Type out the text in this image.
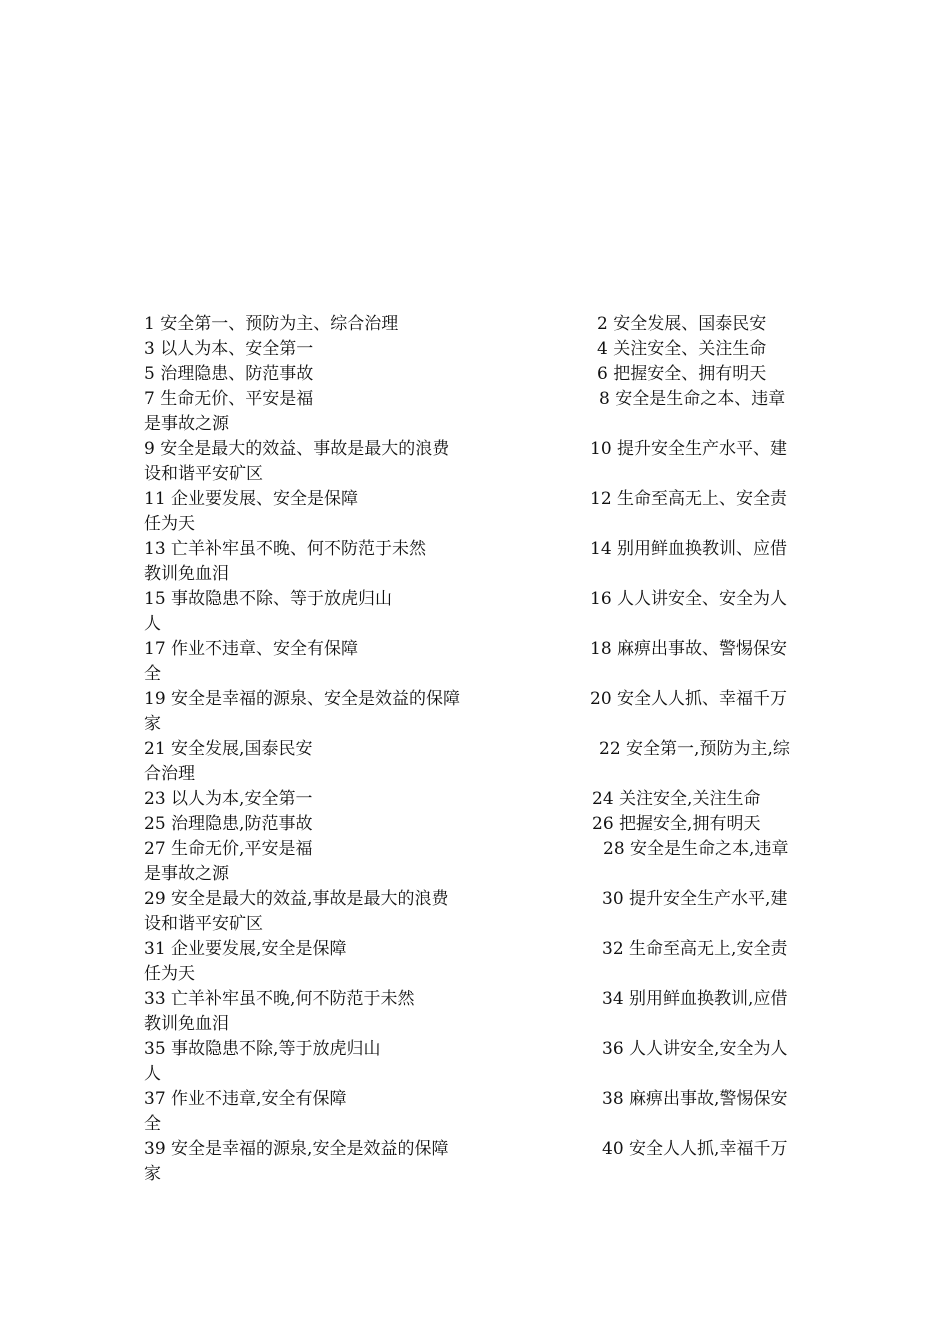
1 安全第一、预防为主、综合治理	2 安全发展、国泰民安
3 以人为本、安全第一	4 关注安全、关注生命
5 治理隐患、防范事故	6 把握安全、拥有明天
7 生命无价、平安是福	8 安全是生命之本、违章
是事故之源
9 安全是最大的效益、事故是最大的浪费	10 提升安全生产水平、建
设和谐平安矿区
11 企业要发展、安全是保障	12 生命至高无上、安全责
任为天
13 亡羊补牢虽不晚、何不防范于未然	14 别用鲜血换教训、应借
教训免血泪
15 事故隐患不除、等于放虎归山	16 人人讲安全、安全为人
人
17 作业不违章、安全有保障	18 麻痹出事故、警惕保安
全
19 安全是幸福的源泉、安全是效益的保障	20 安全人人抓、幸福千万
家
21 安全发展,国泰民安	22 安全第一,预防为主,综
合治理
23 以人为本,安全第一	24 关注安全,关注生命
25 治理隐患,防范事故	26 把握安全,拥有明天
27 生命无价,平安是福	28 安全是生命之本,违章
是事故之源
29 安全是最大的效益,事故是最大的浪费	30 提升安全生产水平,建
设和谐平安矿区
31 企业要发展,安全是保障	32 生命至高无上,安全责
任为天
33 亡羊补牢虽不晚,何不防范于未然	34 别用鲜血换教训,应借
教训免血泪
35 事故隐患不除,等于放虎归山	36 人人讲安全,安全为人
人
37 作业不违章,安全有保障	38 麻痹出事故,警惕保安
全
39 安全是幸福的源泉,安全是效益的保障	40 安全人人抓,幸福千万
家
